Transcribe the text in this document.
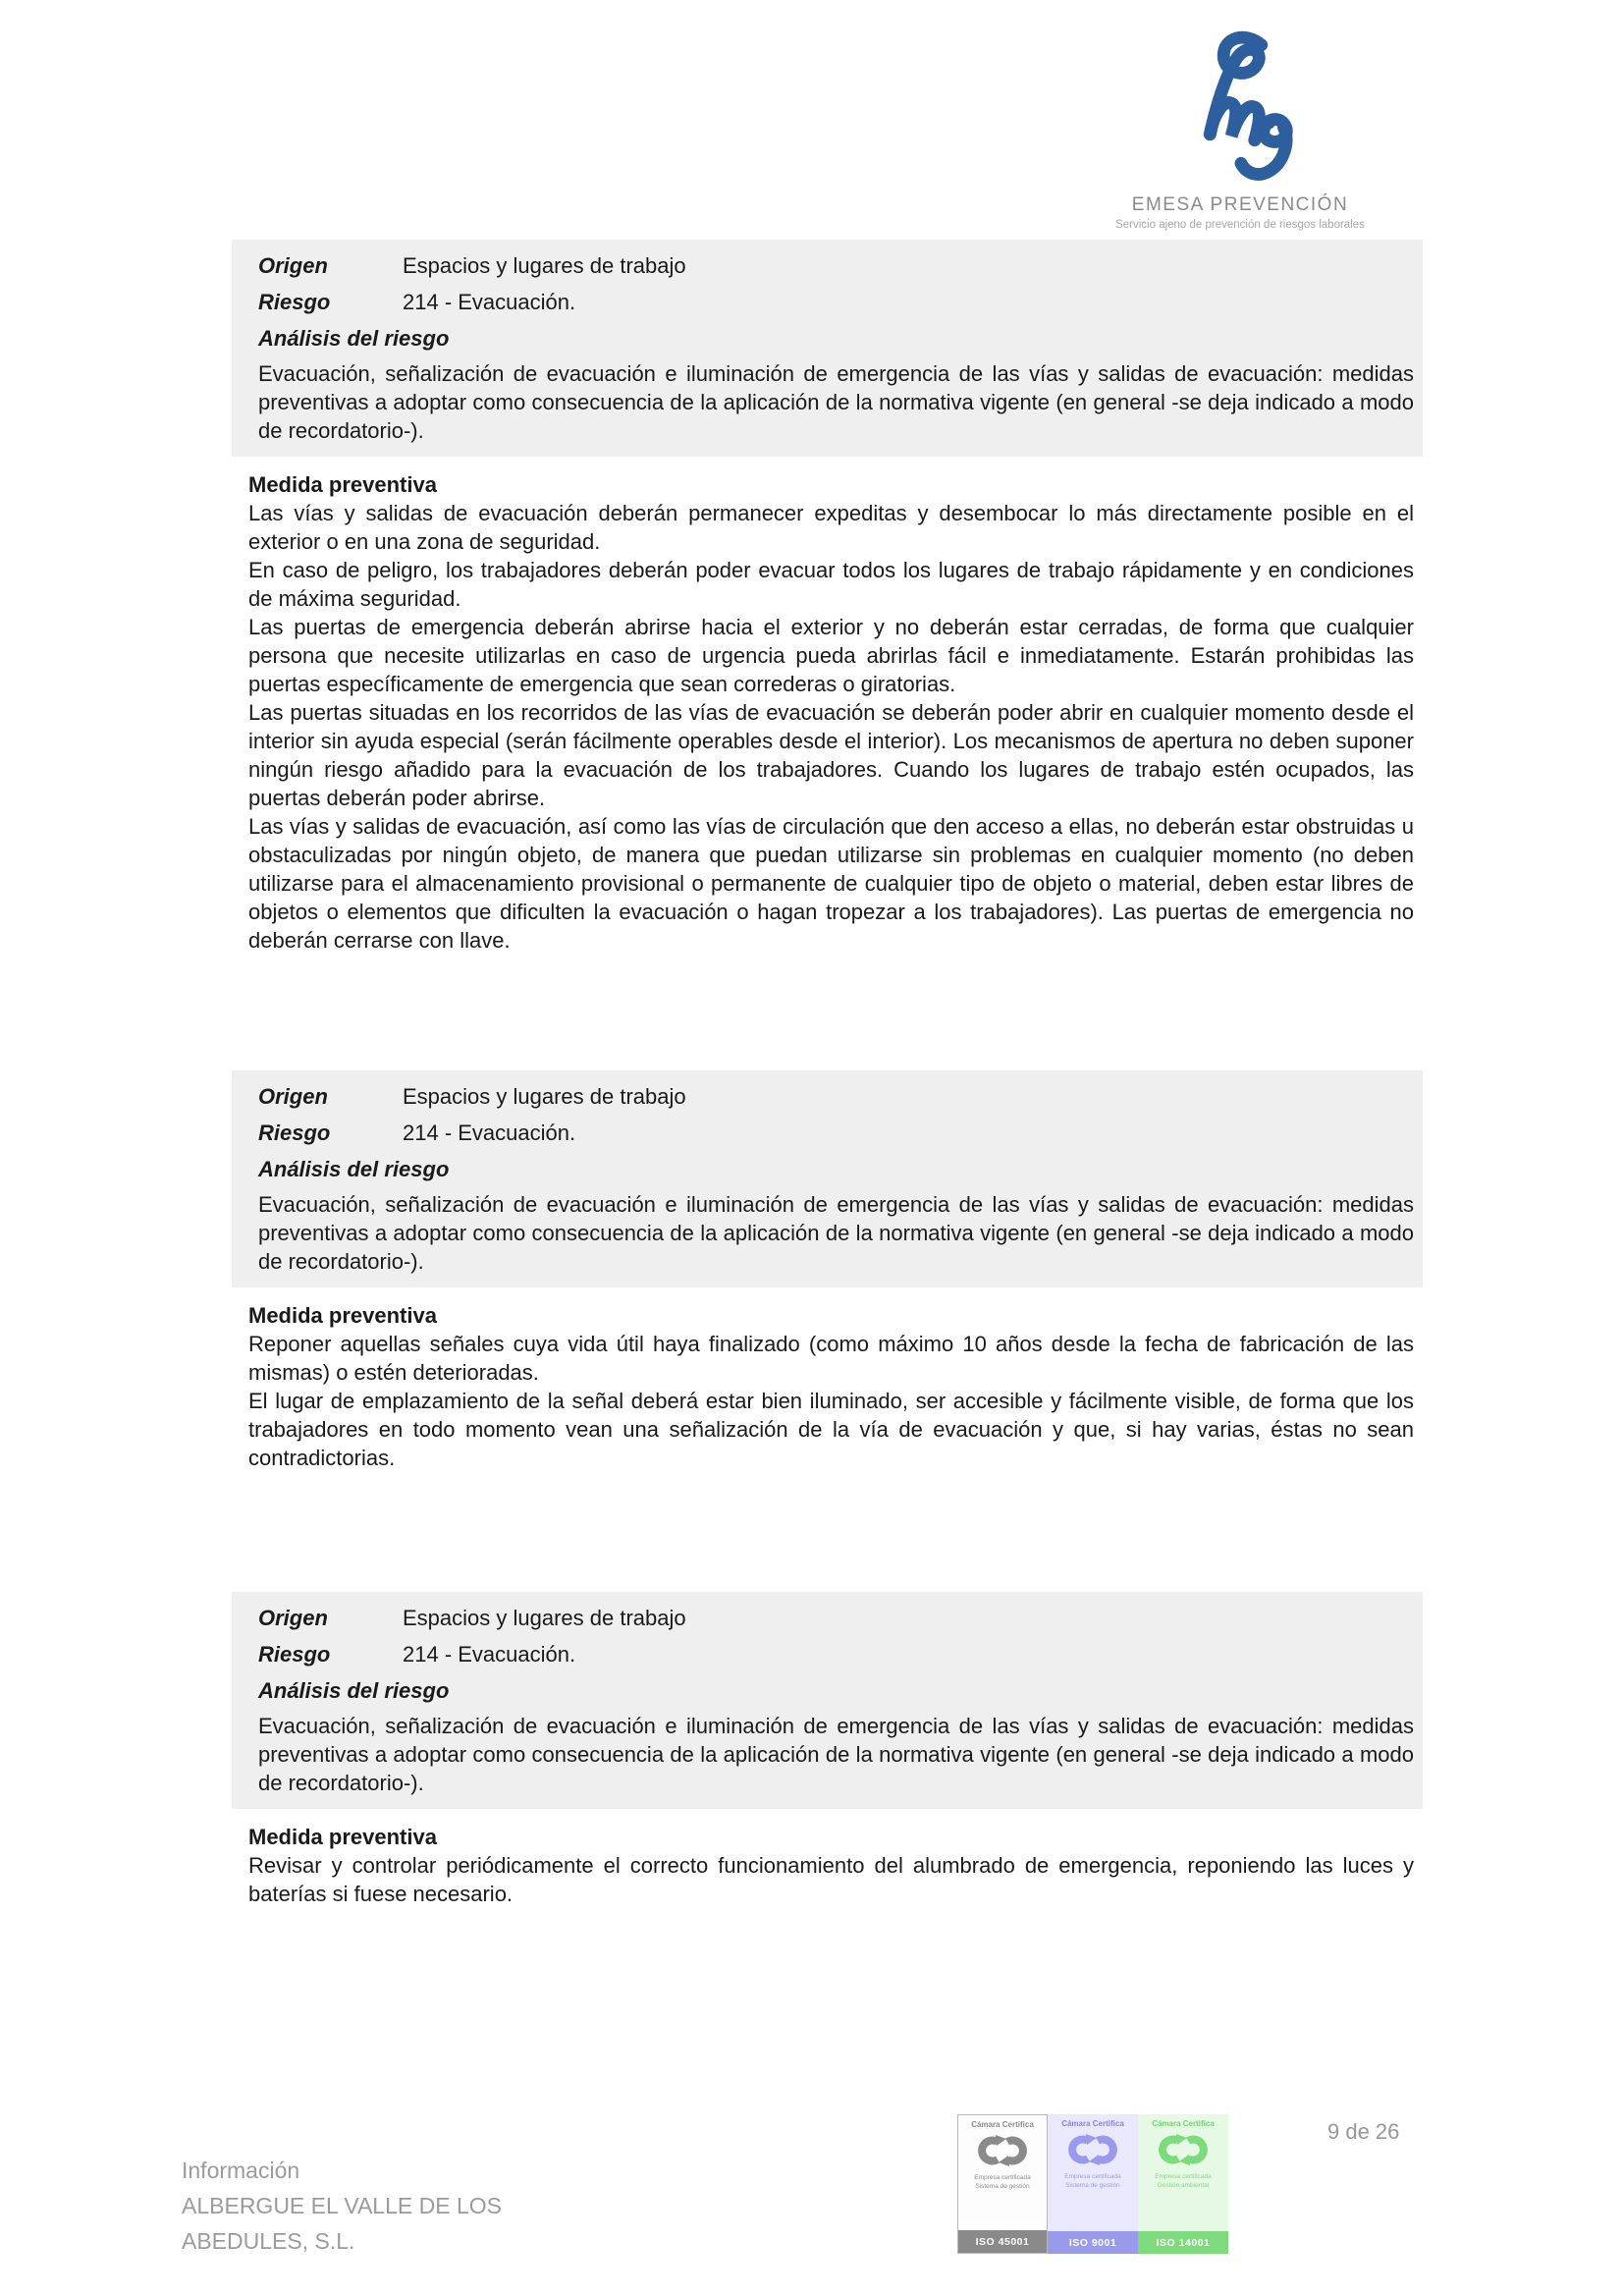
EMESA PREVENCIÓN
Servicio ajeno de prevención de riesgos laborales
Origen	Espacios y lugares de trabajo
Riesgo	214 - Evacuación.
Análisis del riesgo

Evacuación, señalización de evacuación e iluminación de emergencia de las vías y salidas de evacuación: medidas preventivas a adoptar como consecuencia de la aplicación de la normativa vigente (en general -se deja indicado a modo de recordatorio-).

Medida preventiva

Las vías y salidas de evacuación deberán permanecer expeditas y desembocar lo más directamente posible en el exterior o en una zona de seguridad.

En caso de peligro, los trabajadores deberán poder evacuar todos los lugares de trabajo rápidamente y en condiciones de máxima seguridad.

Las puertas de emergencia deberán abrirse hacia el exterior y no deberán estar cerradas, de forma que cualquier persona que necesite utilizarlas en caso de urgencia pueda abrirlas fácil e inmediatamente. Estarán prohibidas las puertas específicamente de emergencia que sean correderas o giratorias.

Las puertas situadas en los recorridos de las vías de evacuación se deberán poder abrir en cualquier momento desde el interior sin ayuda especial (serán fácilmente operables desde el interior). Los mecanismos de apertura no deben suponer ningún riesgo añadido para la evacuación de los trabajadores. Cuando los lugares de trabajo estén ocupados, las puertas deberán poder abrirse.

Las vías y salidas de evacuación, así como las vías de circulación que den acceso a ellas, no deberán estar obstruidas u obstaculizadas por ningún objeto, de manera que puedan utilizarse sin problemas en cualquier momento (no deben utilizarse para el almacenamiento provisional o permanente de cualquier tipo de objeto o material, deben estar libres de objetos o elementos que dificulten la evacuación o hagan tropezar a los trabajadores). Las puertas de emergencia no deberán cerrarse con llave.

Origen	Espacios y lugares de trabajo
Riesgo	214 - Evacuación.
Análisis del riesgo

Evacuación, señalización de evacuación e iluminación de emergencia de las vías y salidas de evacuación: medidas preventivas a adoptar como consecuencia de la aplicación de la normativa vigente (en general -se deja indicado a modo de recordatorio-).

Medida preventiva

Reponer aquellas señales cuya vida útil haya finalizado (como máximo 10 años desde la fecha de fabricación de las mismas) o estén deterioradas.

El lugar de emplazamiento de la señal deberá estar bien iluminado, ser accesible y fácilmente visible, de forma que los trabajadores en todo momento vean una señalización de la vía de evacuación y que, si hay varias, éstas no sean contradictorias.

Origen	Espacios y lugares de trabajo
Riesgo	214 - Evacuación.
Análisis del riesgo

Evacuación, señalización de evacuación e iluminación de emergencia de las vías y salidas de evacuación: medidas preventivas a adoptar como consecuencia de la aplicación de la normativa vigente (en general -se deja indicado a modo de recordatorio-).

Medida preventiva

Revisar y controlar periódicamente el correcto funcionamiento del alumbrado de emergencia, reponiendo las luces y baterías si fuese necesario.

Información
ALBERGUE EL VALLE DE LOS
ABEDULES, S.L.
Cámara Certifica
Empresa certificada
Sistema de gestión
ISO 45001
Cámara Certifica
Empresa certificada
Sistema de gestión
ISO 9001
Cámara Certifica
Empresa certificada
Gestión ambiental
ISO 14001
9 de 26
